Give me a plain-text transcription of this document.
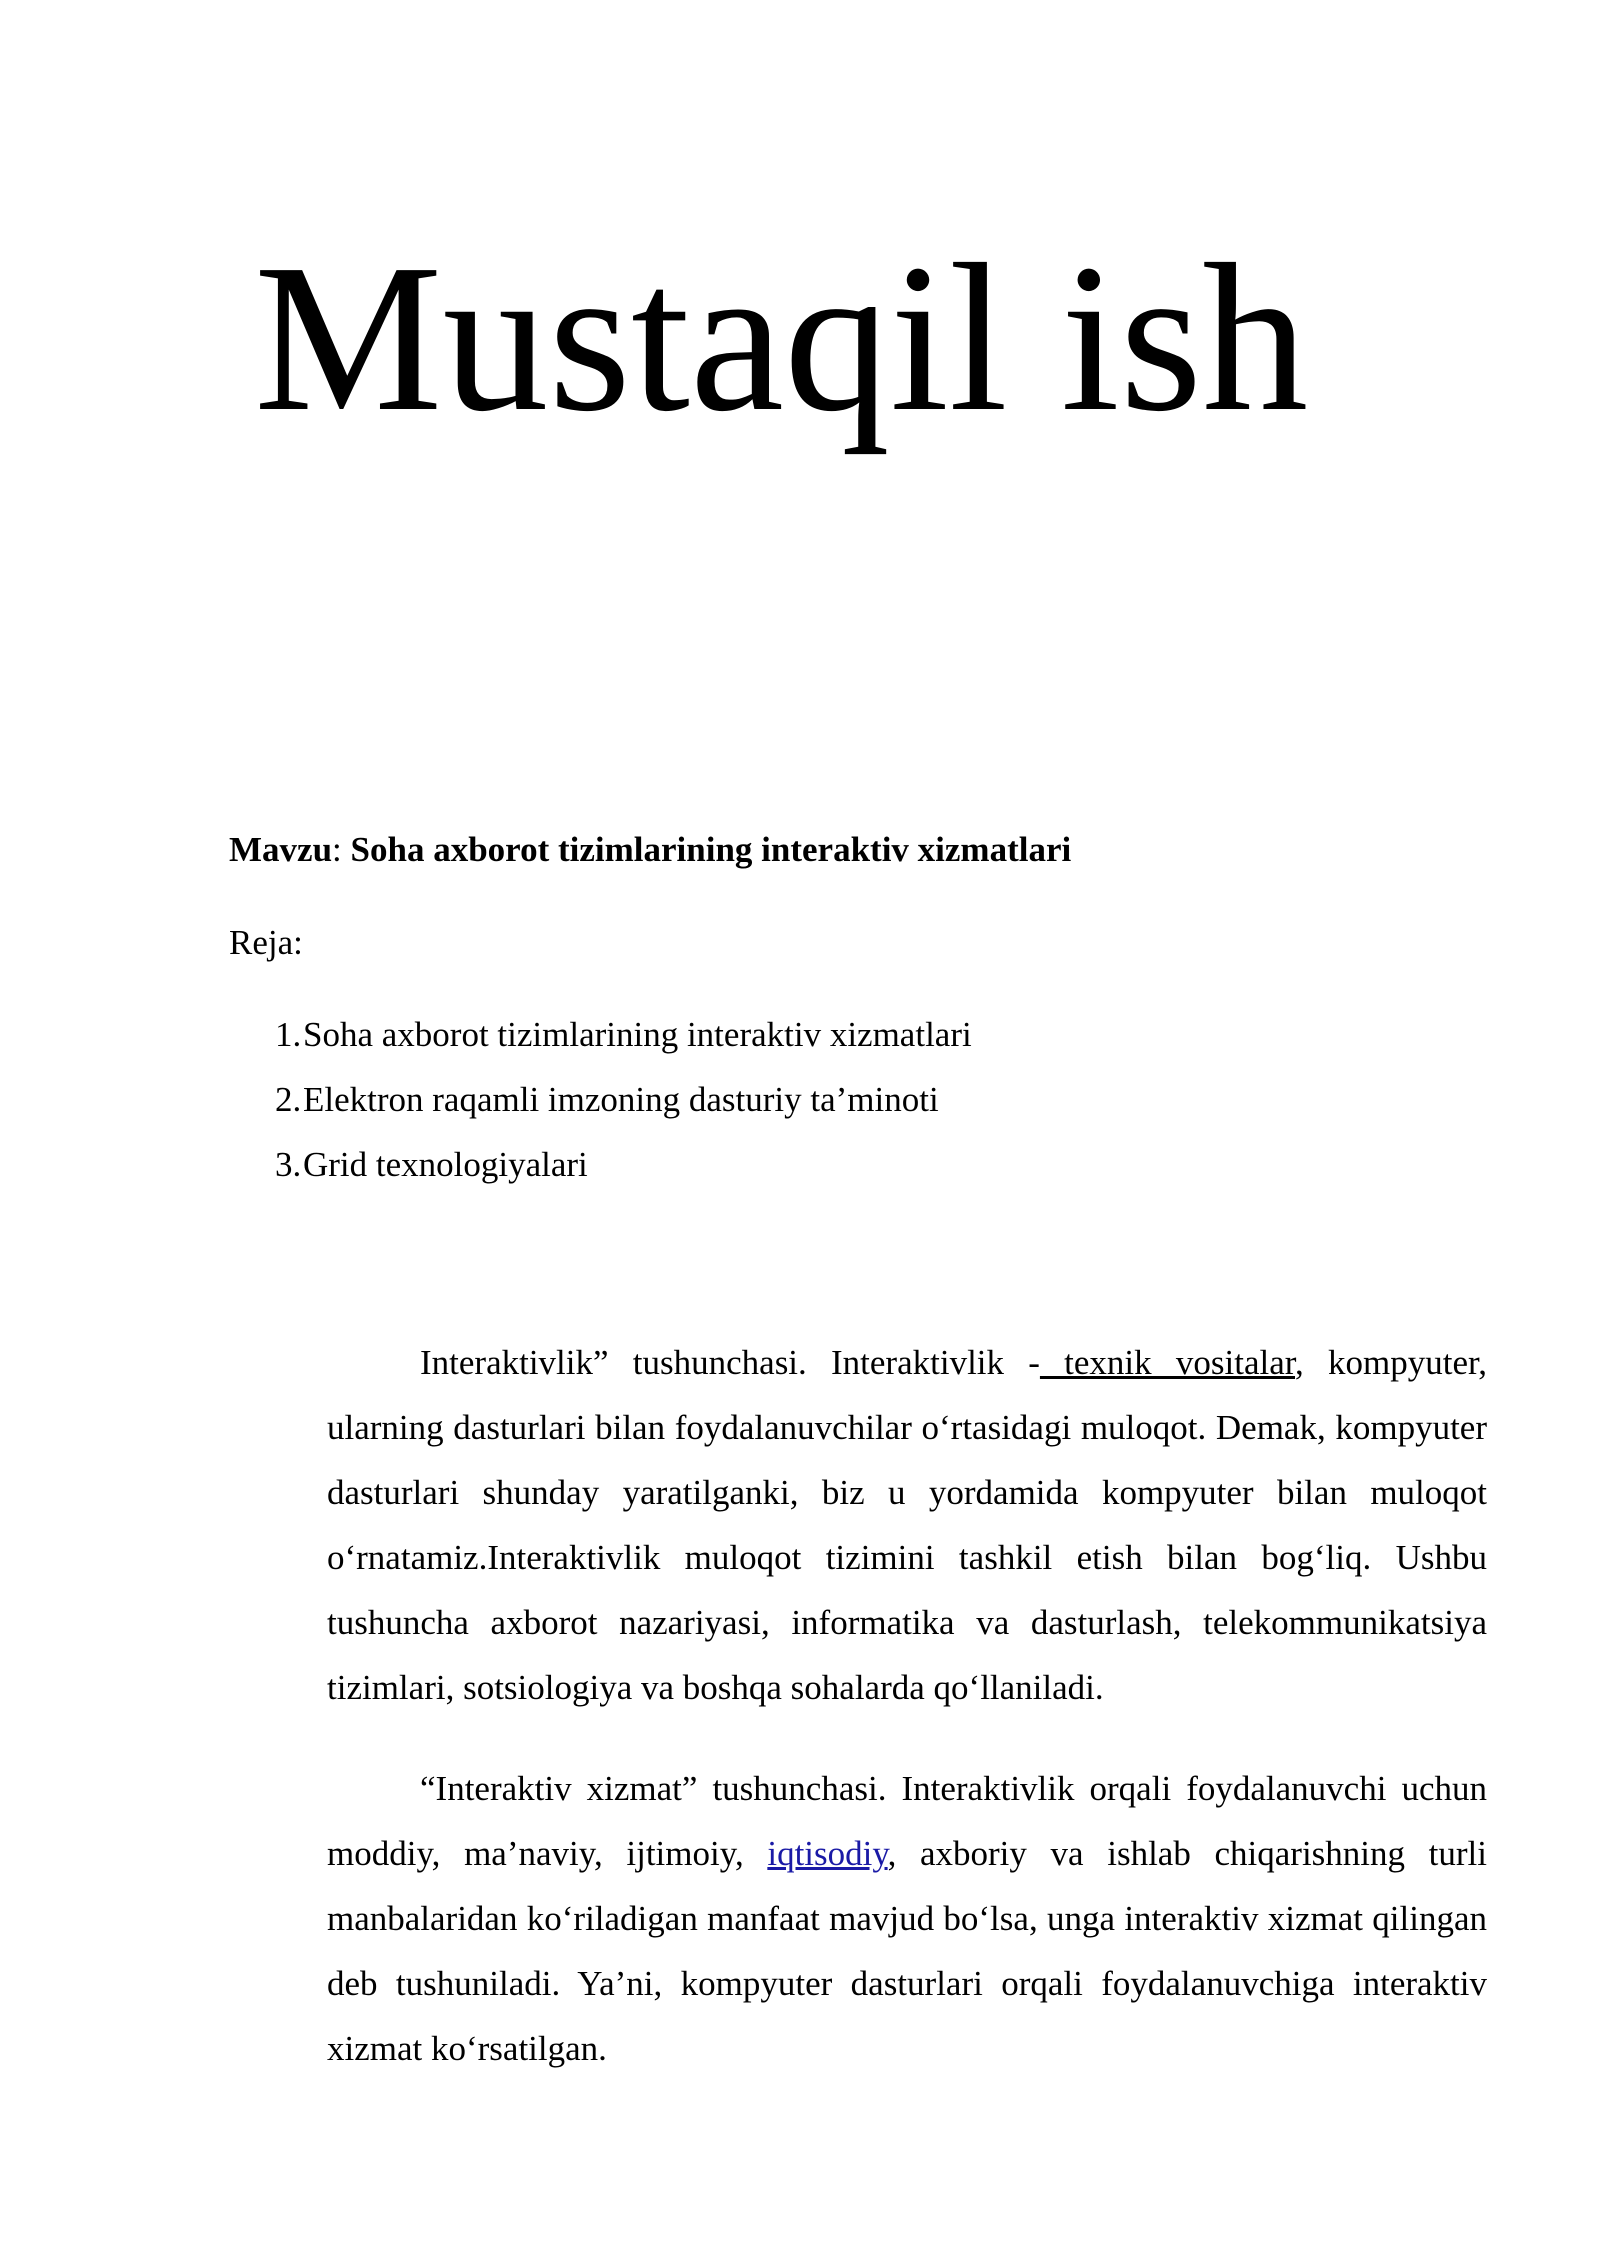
Mustaqil ish

Mavzu: Soha axborot tizimlarining interaktiv xizmatlari

Reja:

1.Soha axborot tizimlarining interaktiv xizmatlari
2.Elektron raqamli imzoning dasturiy ta’minoti
3.Grid texnologiyalari

Interaktivlik” tushunchasi. Interaktivlik - texnik vositalar, kompyuter, ularning dasturlari bilan foydalanuvchilar o‘rtasidagi muloqot. Demak, kompyuter dasturlari shunday yaratilganki, biz u yordamida kompyuter bilan muloqot o‘rnatamiz.Interaktivlik muloqot tizimini tashkil etish bilan bog‘liq. Ushbu tushuncha axborot nazariyasi, informatika va dasturlash, telekommunikatsiya tizimlari, sotsiologiya va boshqa sohalarda qo‘llaniladi.

“Interaktiv xizmat” tushunchasi. Interaktivlik orqali foydalanuvchi uchun moddiy, ma’naviy, ijtimoiy, iqtisodiy, axboriy va ishlab chiqarishning turli manbalaridan ko‘riladigan manfaat mavjud bo‘lsa, unga interaktiv xizmat qilingan deb tushuniladi. Ya’ni, kompyuter dasturlari orqali foydalanuvchiga interaktiv xizmat ko‘rsatilgan.
